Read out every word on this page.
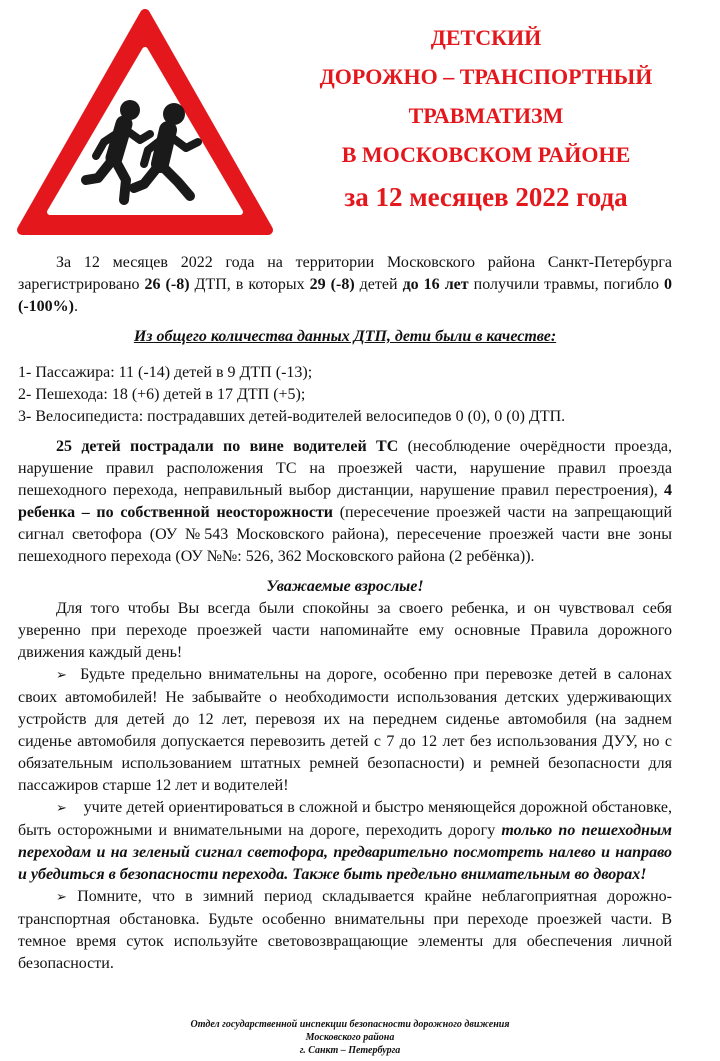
ДЕТСКИЙ
ДОРОЖНО – ТРАНСПОРТНЫЙ
ТРАВМАТИЗМ
В МОСКОВСКОМ РАЙОНЕ
за 12 месяцев 2022 года

За 12 месяцев 2022 года на территории Московского района Санкт-Петербурга зарегистрировано 26 (-8) ДТП, в которых 29 (-8) детей до 16 лет получили травмы, погибло 0 (-100%).

Из общего количества данных ДТП, дети были в качестве:

1- Пассажира: 11 (-14) детей в 9 ДТП (-13);

2- Пешехода: 18 (+6) детей в 17 ДТП (+5);

3- Велосипедиста: пострадавших детей-водителей велосипедов 0 (0), 0 (0) ДТП.

25 детей пострадали по вине водителей ТС (несоблюдение очерёдности проезда, нарушение правил расположения ТС на проезжей части, нарушение правил проезда пешеходного перехода, неправильный выбор дистанции, нарушение правил перестроения), 4 ребенка – по собственной неосторожности (пересечение проезжей части на запрещающий сигнал светофора (ОУ №543 Московского района), пересечение проезжей части вне зоны пешеходного перехода (ОУ №№: 526, 362 Московского района (2 ребёнка)).

Уважаемые взрослые!

Для того чтобы Вы всегда были спокойны за своего ребенка, и он чувствовал себя уверенно при переходе проезжей части напоминайте ему основные Правила дорожного движения каждый день!

➢ Будьте предельно внимательны на дороге, особенно при перевозке детей в салонах своих автомобилей! Не забывайте о необходимости использования детских удерживающих устройств для детей до 12 лет, перевозя их на переднем сиденье автомобиля (на заднем сиденье автомобиля допускается перевозить детей с 7 до 12 лет без использования ДУУ, но с обязательным использованием штатных ремней безопасности) и ремней безопасности для пассажиров старше 12 лет и водителей!

➢ учите детей ориентироваться в сложной и быстро меняющейся дорожной обстановке, быть осторожными и внимательными на дороге, переходить дорогу только по пешеходным переходам и на зеленый сигнал светофора, предварительно посмотреть налево и направо и убедиться в безопасности перехода. Также быть предельно внимательным во дворах!

➢ Помните, что в зимний период складывается крайне неблагоприятная дорожно-транспортная обстановка. Будьте особенно внимательны при переходе проезжей части. В темное время суток используйте световозвращающие элементы для обеспечения личной безопасности.

Отдел государственной инспекции безопасности дорожного движения
Московского района
г. Санкт – Петербурга
